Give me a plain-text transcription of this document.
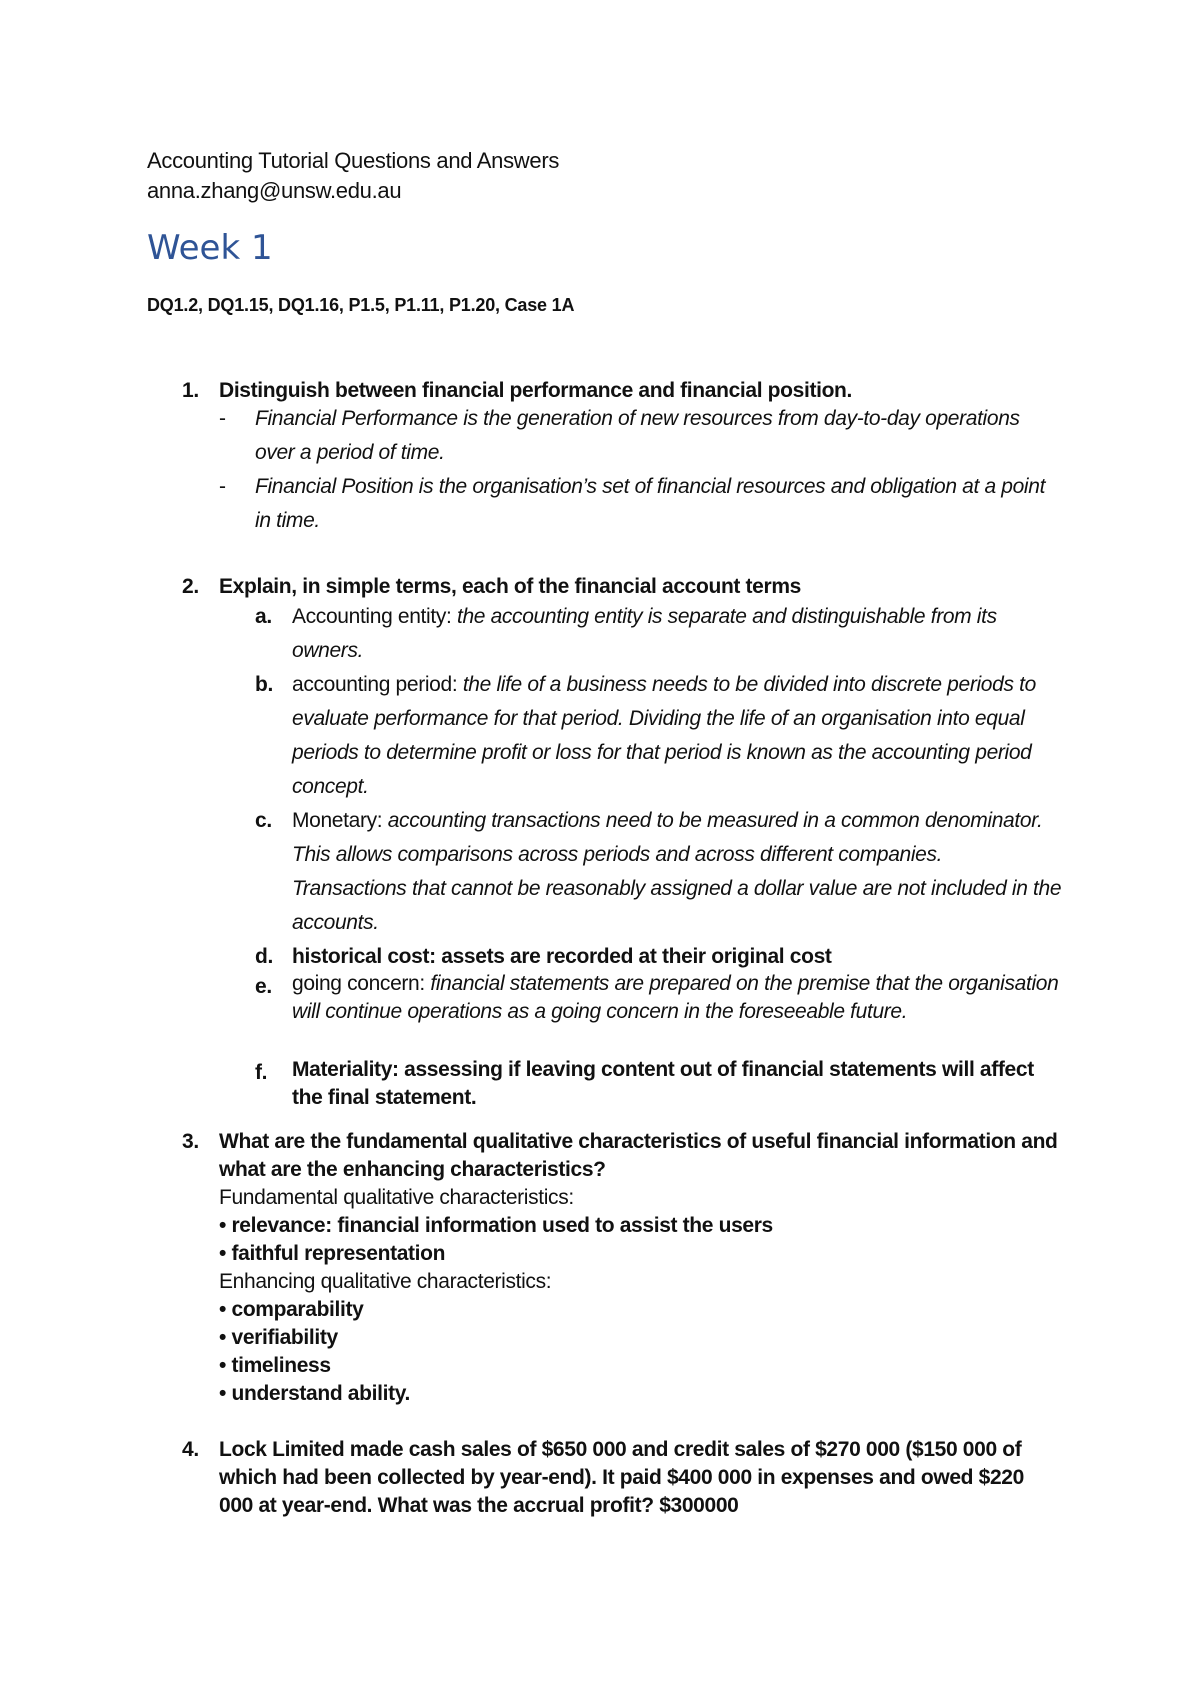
Accounting Tutorial Questions and Answers
anna.zhang@unsw.edu.au
Week 1
DQ1.2, DQ1.15, DQ1.16, P1.5, P1.11, P1.20, Case 1A
1. Distinguish between financial performance and financial position.
- Financial Performance is the generation of new resources from day-to-day operations over a period of time.
- Financial Position is the organisation’s set of financial resources and obligation at a point in time.
2. Explain, in simple terms, each of the financial account terms
a. Accounting entity: the accounting entity is separate and distinguishable from its owners.
b. accounting period: the life of a business needs to be divided into discrete periods to evaluate performance for that period. Dividing the life of an organisation into equal periods to determine profit or loss for that period is known as the accounting period concept.
c. Monetary: accounting transactions need to be measured in a common denominator. This allows comparisons across periods and across different companies. Transactions that cannot be reasonably assigned a dollar value are not included in the accounts.
d. historical cost: assets are recorded at their original cost
e. going concern: financial statements are prepared on the premise that the organisation will continue operations as a going concern in the foreseeable future.
f. Materiality: assessing if leaving content out of financial statements will affect the final statement.
3. What are the fundamental qualitative characteristics of useful financial information and what are the enhancing characteristics?
Fundamental qualitative characteristics:
• relevance: financial information used to assist the users
• faithful representation
Enhancing qualitative characteristics:
• comparability
• verifiability
• timeliness
• understand ability.
4. Lock Limited made cash sales of $650 000 and credit sales of $270 000 ($150 000 of which had been collected by year-end). It paid $400 000 in expenses and owed $220 000 at year-end. What was the accrual profit? $300000
